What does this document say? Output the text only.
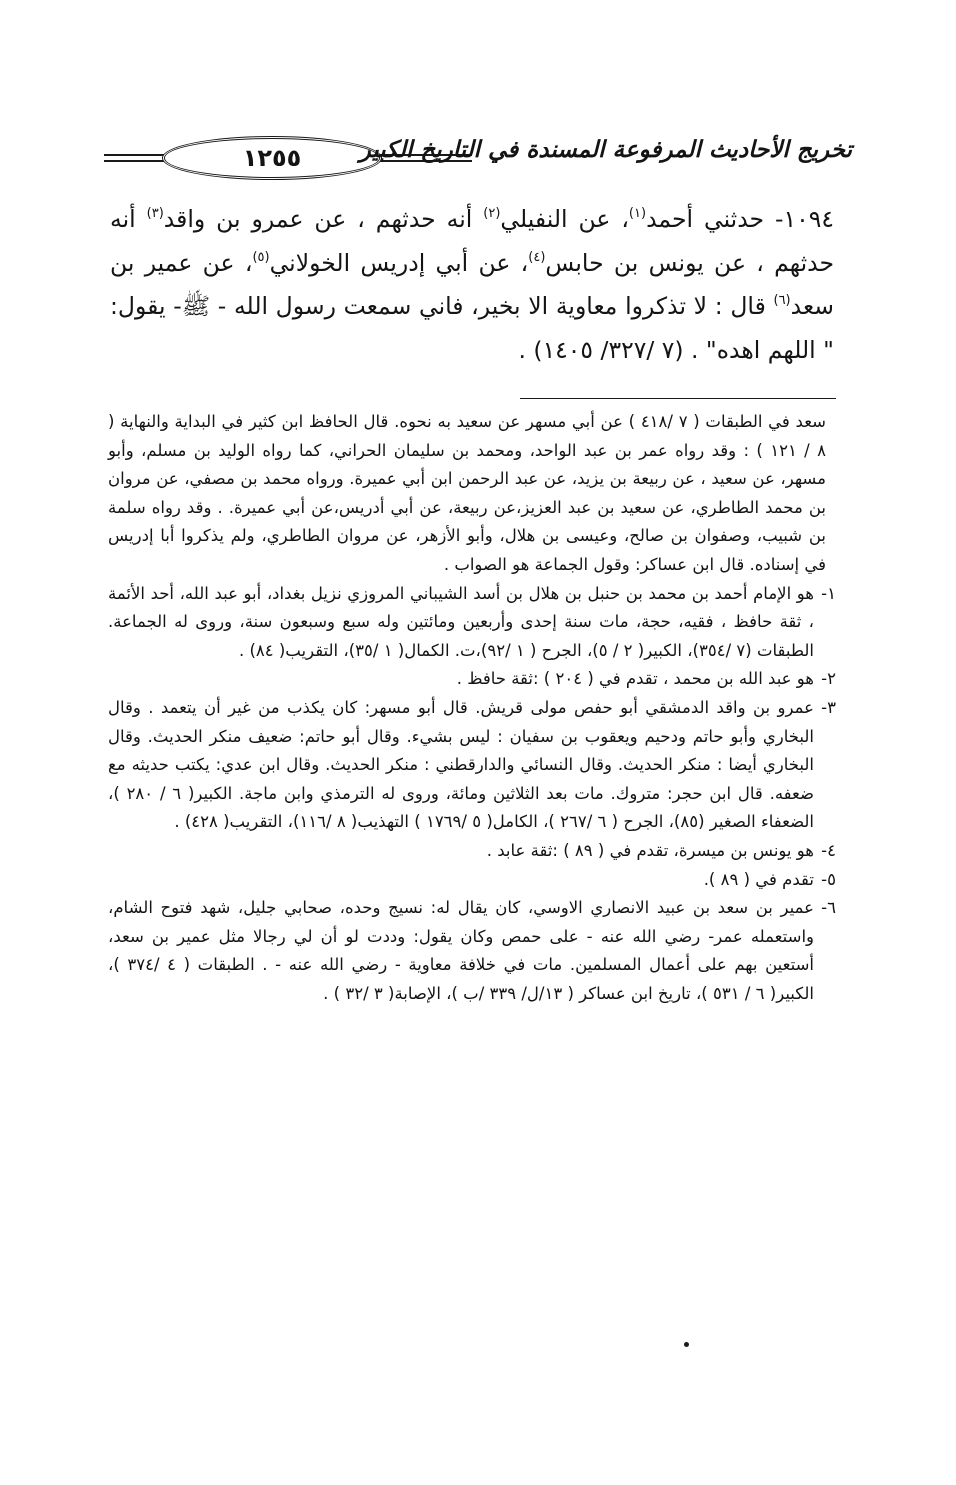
١٢٥٥	تخريج الأحاديث المرفوعة المسندة في التاريخ الكبير
١٠٩٤- حدثني أحمد$^{(١)}$، عن النفيلي$^{(٢)}$ أنه حدثهم ، عن عمرو بن واقد$^{(٣)}$ أنه حدثهم ، عن يونس بن حابس$^{(٤)}$، عن أبي إدريس الخولاني$^{(٥)}$، عن عمير بن سعد$^{(٦)}$ قال : لا تذكروا معاوية الا بخير، فاني سمعت رسول الله - ﷺ- يقول: " اللهم اهده" . (٧ /٣٢٧/ ١٤٠٥) .
سعد في الطبقات ( ٧ /٤١٨ ) عن أبي مسهر عن سعيد به نحوه. قال الحافظ ابن كثير في البداية والنهاية ( ٨ / ١٢١ ) : وقد رواه عمر بن عبد الواحد، ومحمد بن سليمان الحراني، كما رواه الوليد بن مسلم، وأبو مسهر، عن سعيد ، عن ربيعة بن يزيد، عن عبد الرحمن ابن أبي عميرة. ورواه محمد بن مصفي، عن مروان بن محمد الطاطري، عن سعيد بن عبد العزيز،عن ربيعة، عن أبي أدريس،عن أبي عميرة. . وقد رواه سلمة بن شبيب، وصفوان بن صالح، وعيسى بن هلال، وأبو الأزهر، عن مروان الطاطري، ولم يذكروا أبا إدريس في إسناده. قال ابن عساكر: وقول الجماعة هو الصواب .
١-
هو الإمام أحمد بن محمد بن حنبل بن هلال بن أسد الشيباني المروزي نزيل بغداد، أبو عبد الله، أحد الأئمة ، ثقة حافظ ، فقيه، حجة، مات سنة إحدى وأربعين ومائتين وله سبع وسبعون سنة، وروى له الجماعة. الطبقات (٧ /٣٥٤)، الكبير( ٢ / ٥)، الجرح ( ١ /٩٢)،ت. الكمال( ١ /٣٥)، التقريب( ٨٤) .
٢-
هو عبد الله بن محمد ، تقدم في ( ٢٠٤ ) :ثقة حافظ .
٣-
عمرو بن واقد الدمشقي أبو حفص مولى قريش. قال أبو مسهر: كان يكذب من غير أن يتعمد . وقال البخاري وأبو حاتم ودحيم ويعقوب بن سفيان : ليس بشيء. وقال أبو حاتم: ضعيف منكر الحديث. وقال البخاري أيضا : منكر الحديث. وقال النسائي والدارقطني : منكر الحديث. وقال ابن عدي: يكتب حديثه مع ضعفه. قال ابن حجر: متروك. مات بعد الثلاثين ومائة، وروى له الترمذي وابن ماجة. الكبير( ٦ / ٢٨٠ )، الضعفاء الصغير (٨٥)، الجرح ( ٦ /٢٦٧ )، الكامل( ٥ /١٧٦٩ ) التهذيب( ٨ /١١٦)، التقريب( ٤٢٨) .
٤-
هو يونس بن ميسرة، تقدم في ( ٨٩ ) :ثقة عابد .
٥-
تقدم في ( ٨٩ ).
٦-
عمير بن سعد بن عبيد الانصاري الاوسي، كان يقال له: نسيج وحده، صحابي جليل، شهد فتوح الشام، واستعمله عمر- رضي الله عنه - على حمص وكان يقول: وددت لو أن لي رجالا مثل عمير بن سعد، أستعين بهم على أعمال المسلمين. مات في خلافة معاوية - رضي الله عنه - . الطبقات ( ٤ /٣٧٤ )، الكبير( ٦ / ٥٣١ )، تاريخ ابن عساكر ( ١٣/ل/ ٣٣٩ /ب )، الإصابة( ٣ /٣٢ ) .
